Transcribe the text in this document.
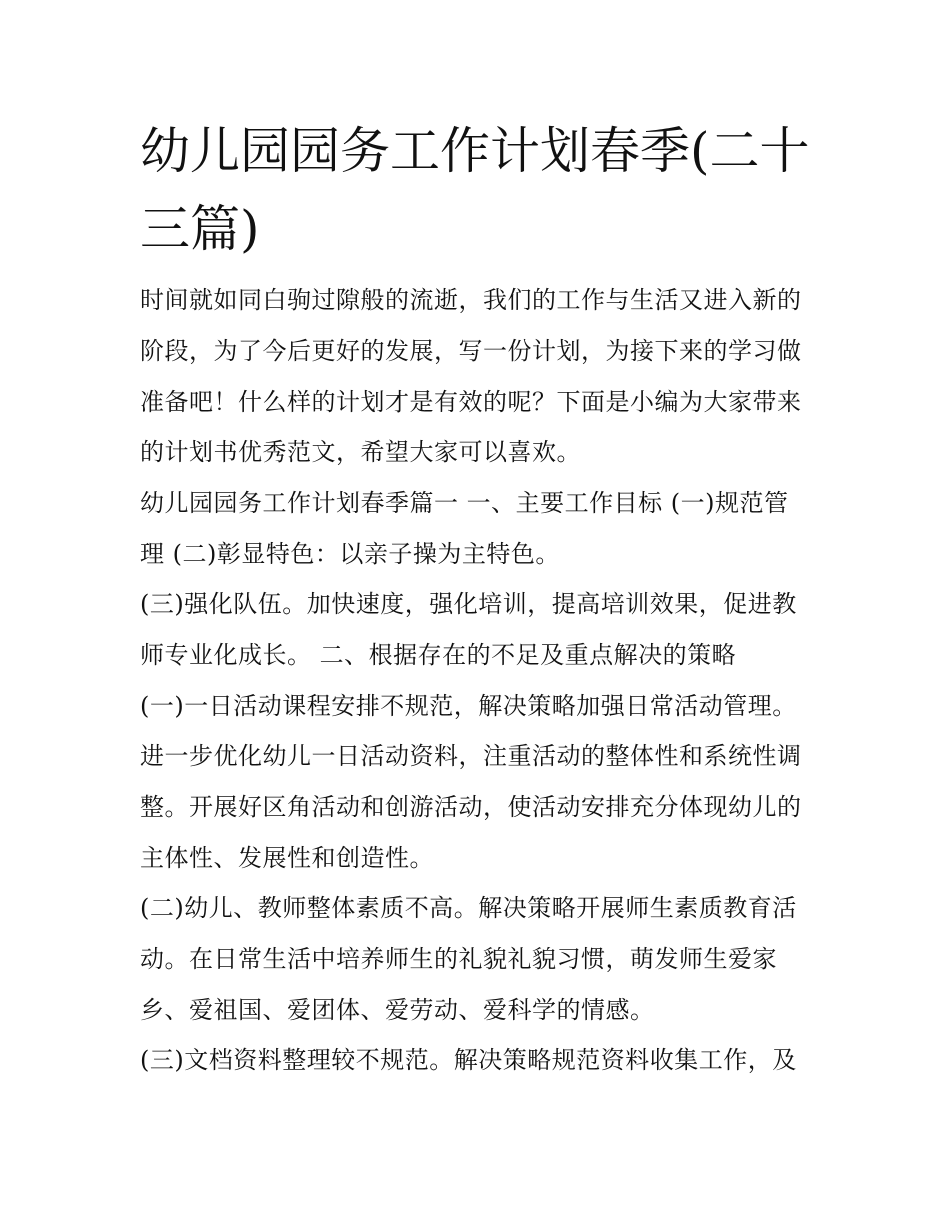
幼儿园园务工作计划春季(二十
三篇)

时间就如同白驹过隙般的流逝，我们的工作与生活又进入新的

阶段，为了今后更好的发展，写一份计划，为接下来的学习做

准备吧！什么样的计划才是有效的呢？下面是小编为大家带来

的计划书优秀范文，希望大家可以喜欢。

幼儿园园务工作计划春季篇一 一、主要工作目标 (一)规范管

理 (二)彰显特色：以亲子操为主特色。

(三)强化队伍。加快速度，强化培训，提高培训效果，促进教

师专业化成长。 二、根据存在的不足及重点解决的策略

(一)一日活动课程安排不规范，解决策略加强日常活动管理。

进一步优化幼儿一日活动资料，注重活动的整体性和系统性调

整。开展好区角活动和创游活动，使活动安排充分体现幼儿的

主体性、发展性和创造性。

(二)幼儿、教师整体素质不高。解决策略开展师生素质教育活

动。在日常生活中培养师生的礼貌礼貌习惯，萌发师生爱家

乡、爱祖国、爱团体、爱劳动、爱科学的情感。

(三)文档资料整理较不规范。解决策略规范资料收集工作，及
